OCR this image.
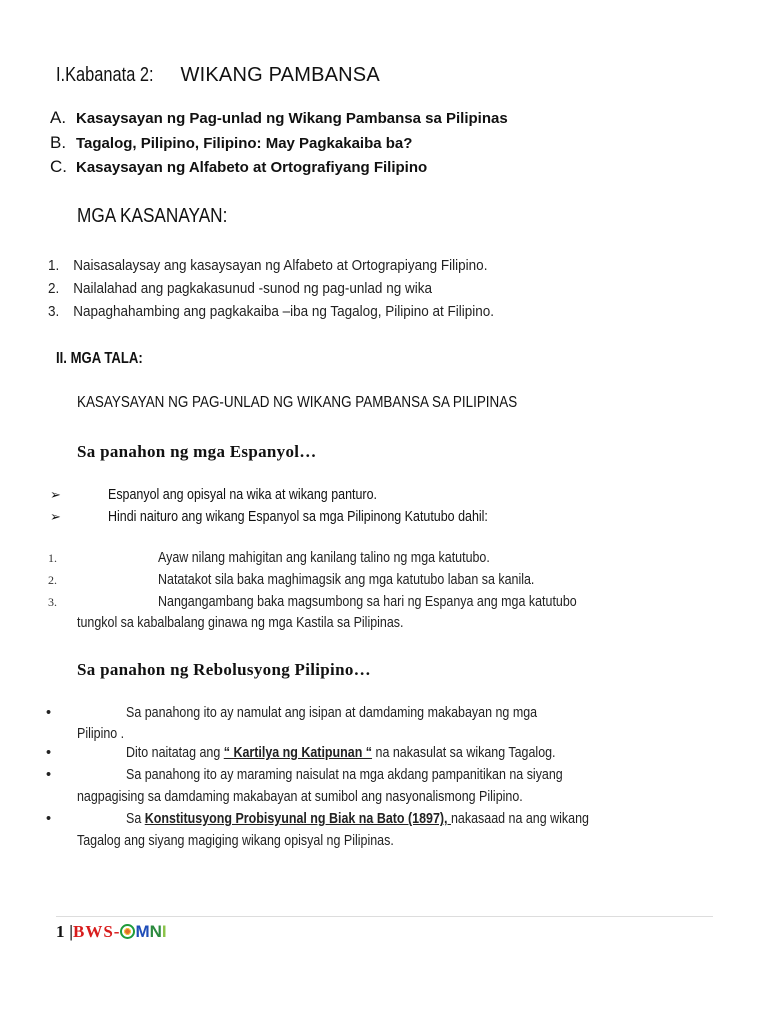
I.Kabanata 2: WIKANG PAMBANSA
A. Kasaysayan ng Pag-unlad ng Wikang Pambansa sa Pilipinas
B. Tagalog, Pilipino, Filipino: May Pagkakaiba ba?
C. Kasaysayan ng Alfabeto at Ortografiyang Filipino
MGA KASANAYAN:
1. Naisasalaysay ang kasaysayan ng Alfabeto at Ortograpiyang Filipino.
2. Nailalahad ang pagkakasunud -sunod ng pag-unlad ng wika
3. Napaghahambing ang pagkakaiba –iba ng Tagalog, Pilipino at Filipino.
II. MGA TALA:
KASAYSAYAN NG PAG-UNLAD NG WIKANG PAMBANSA SA PILIPINAS
Sa panahon ng mga Espanyol…
➢	Espanyol ang opisyal na wika at wikang panturo.
➢	Hindi naituro ang wikang Espanyol sa mga Pilipinong Katutubo dahil:
1.	Ayaw nilang mahigitan ang kanilang talino ng mga katutubo.
2.	Natatakot sila baka maghimagsik ang mga katutubo laban sa kanila.
3.	Nangangambang baka magsumbong sa hari ng Espanya ang mga katutubo
tungkol sa kabalbalang ginawa ng mga Kastila sa Pilipinas.
Sa panahon ng Rebolusyong Pilipino…
•	Sa panahong ito ay namulat ang isipan at damdaming makabayan ng mga
Pilipino .
•	Dito naitatag ang “ Kartilya ng Katipunan “ na nakasulat sa wikang Tagalog.
•	Sa panahong ito ay maraming naisulat na mga akdang pampanitikan na siyang
nagpagising sa damdaming makabayan at sumibol ang nasyonalismong Pilipino.
•	Sa Konstitusyong Probisyunal ng Biak na Bato (1897), nakasaad na ang wikang
Tagalog ang siyang magiging wikang opisyal ng Pilipinas.
1 |BWS- MNI
